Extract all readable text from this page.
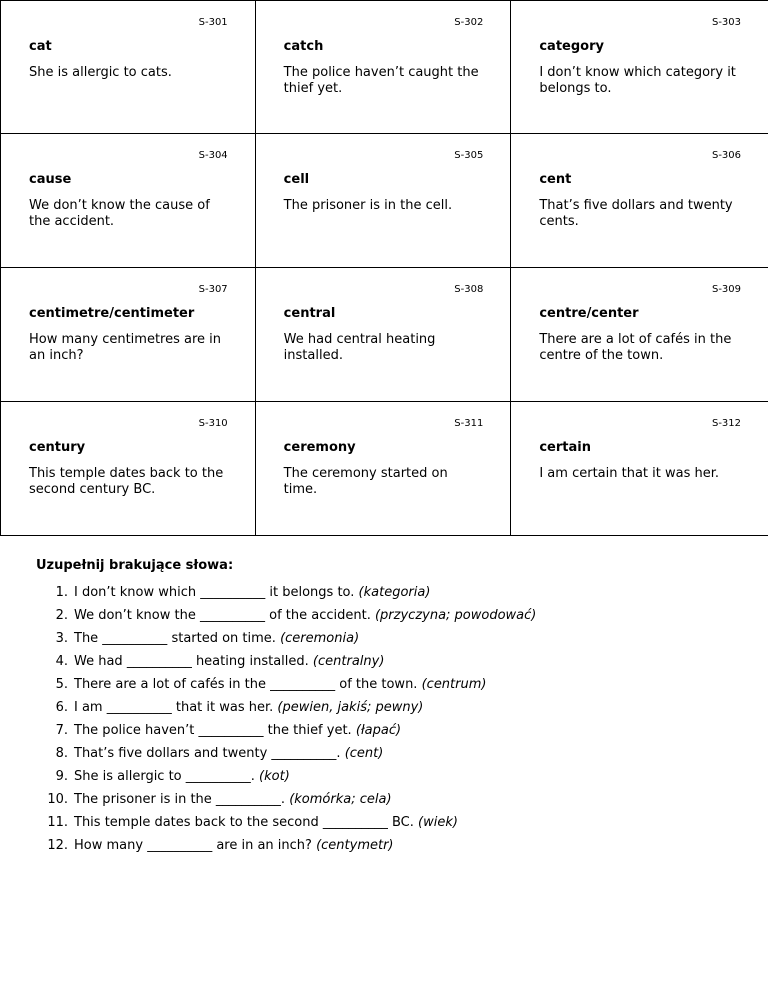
S-301
cat
She is allergic to cats.
S-302
catch
The police haven’t caught the thief yet.
S-303
category
I don’t know which category it belongs to.
S-304
cause
We don’t know the cause of the accident.
S-305
cell
The prisoner is in the cell.
S-306
cent
That’s five dollars and twenty cents.
S-307
centimetre/centimeter
How many centimetres are in an inch?
S-308
central
We had central heating installed.
S-309
centre/center
There are a lot of cafés in the centre of the town.
S-310
century
This temple dates back to the second century BC.
S-311
ceremony
The ceremony started on time.
S-312
certain
I am certain that it was her.
Uzupełnij brakujące słowa:
1. I don’t know which __________ it belongs to. (kategoria)
2. We don’t know the __________ of the accident. (przyczyna; powodować)
3. The __________ started on time. (ceremonia)
4. We had __________ heating installed. (centralny)
5. There are a lot of cafés in the __________ of the town. (centrum)
6. I am __________ that it was her. (pewien, jakiś; pewny)
7. The police haven’t __________ the thief yet. (łapać)
8. That’s five dollars and twenty __________. (cent)
9. She is allergic to __________. (kot)
10. The prisoner is in the __________. (komórka; cela)
11. This temple dates back to the second __________ BC. (wiek)
12. How many __________ are in an inch? (centymetr)
